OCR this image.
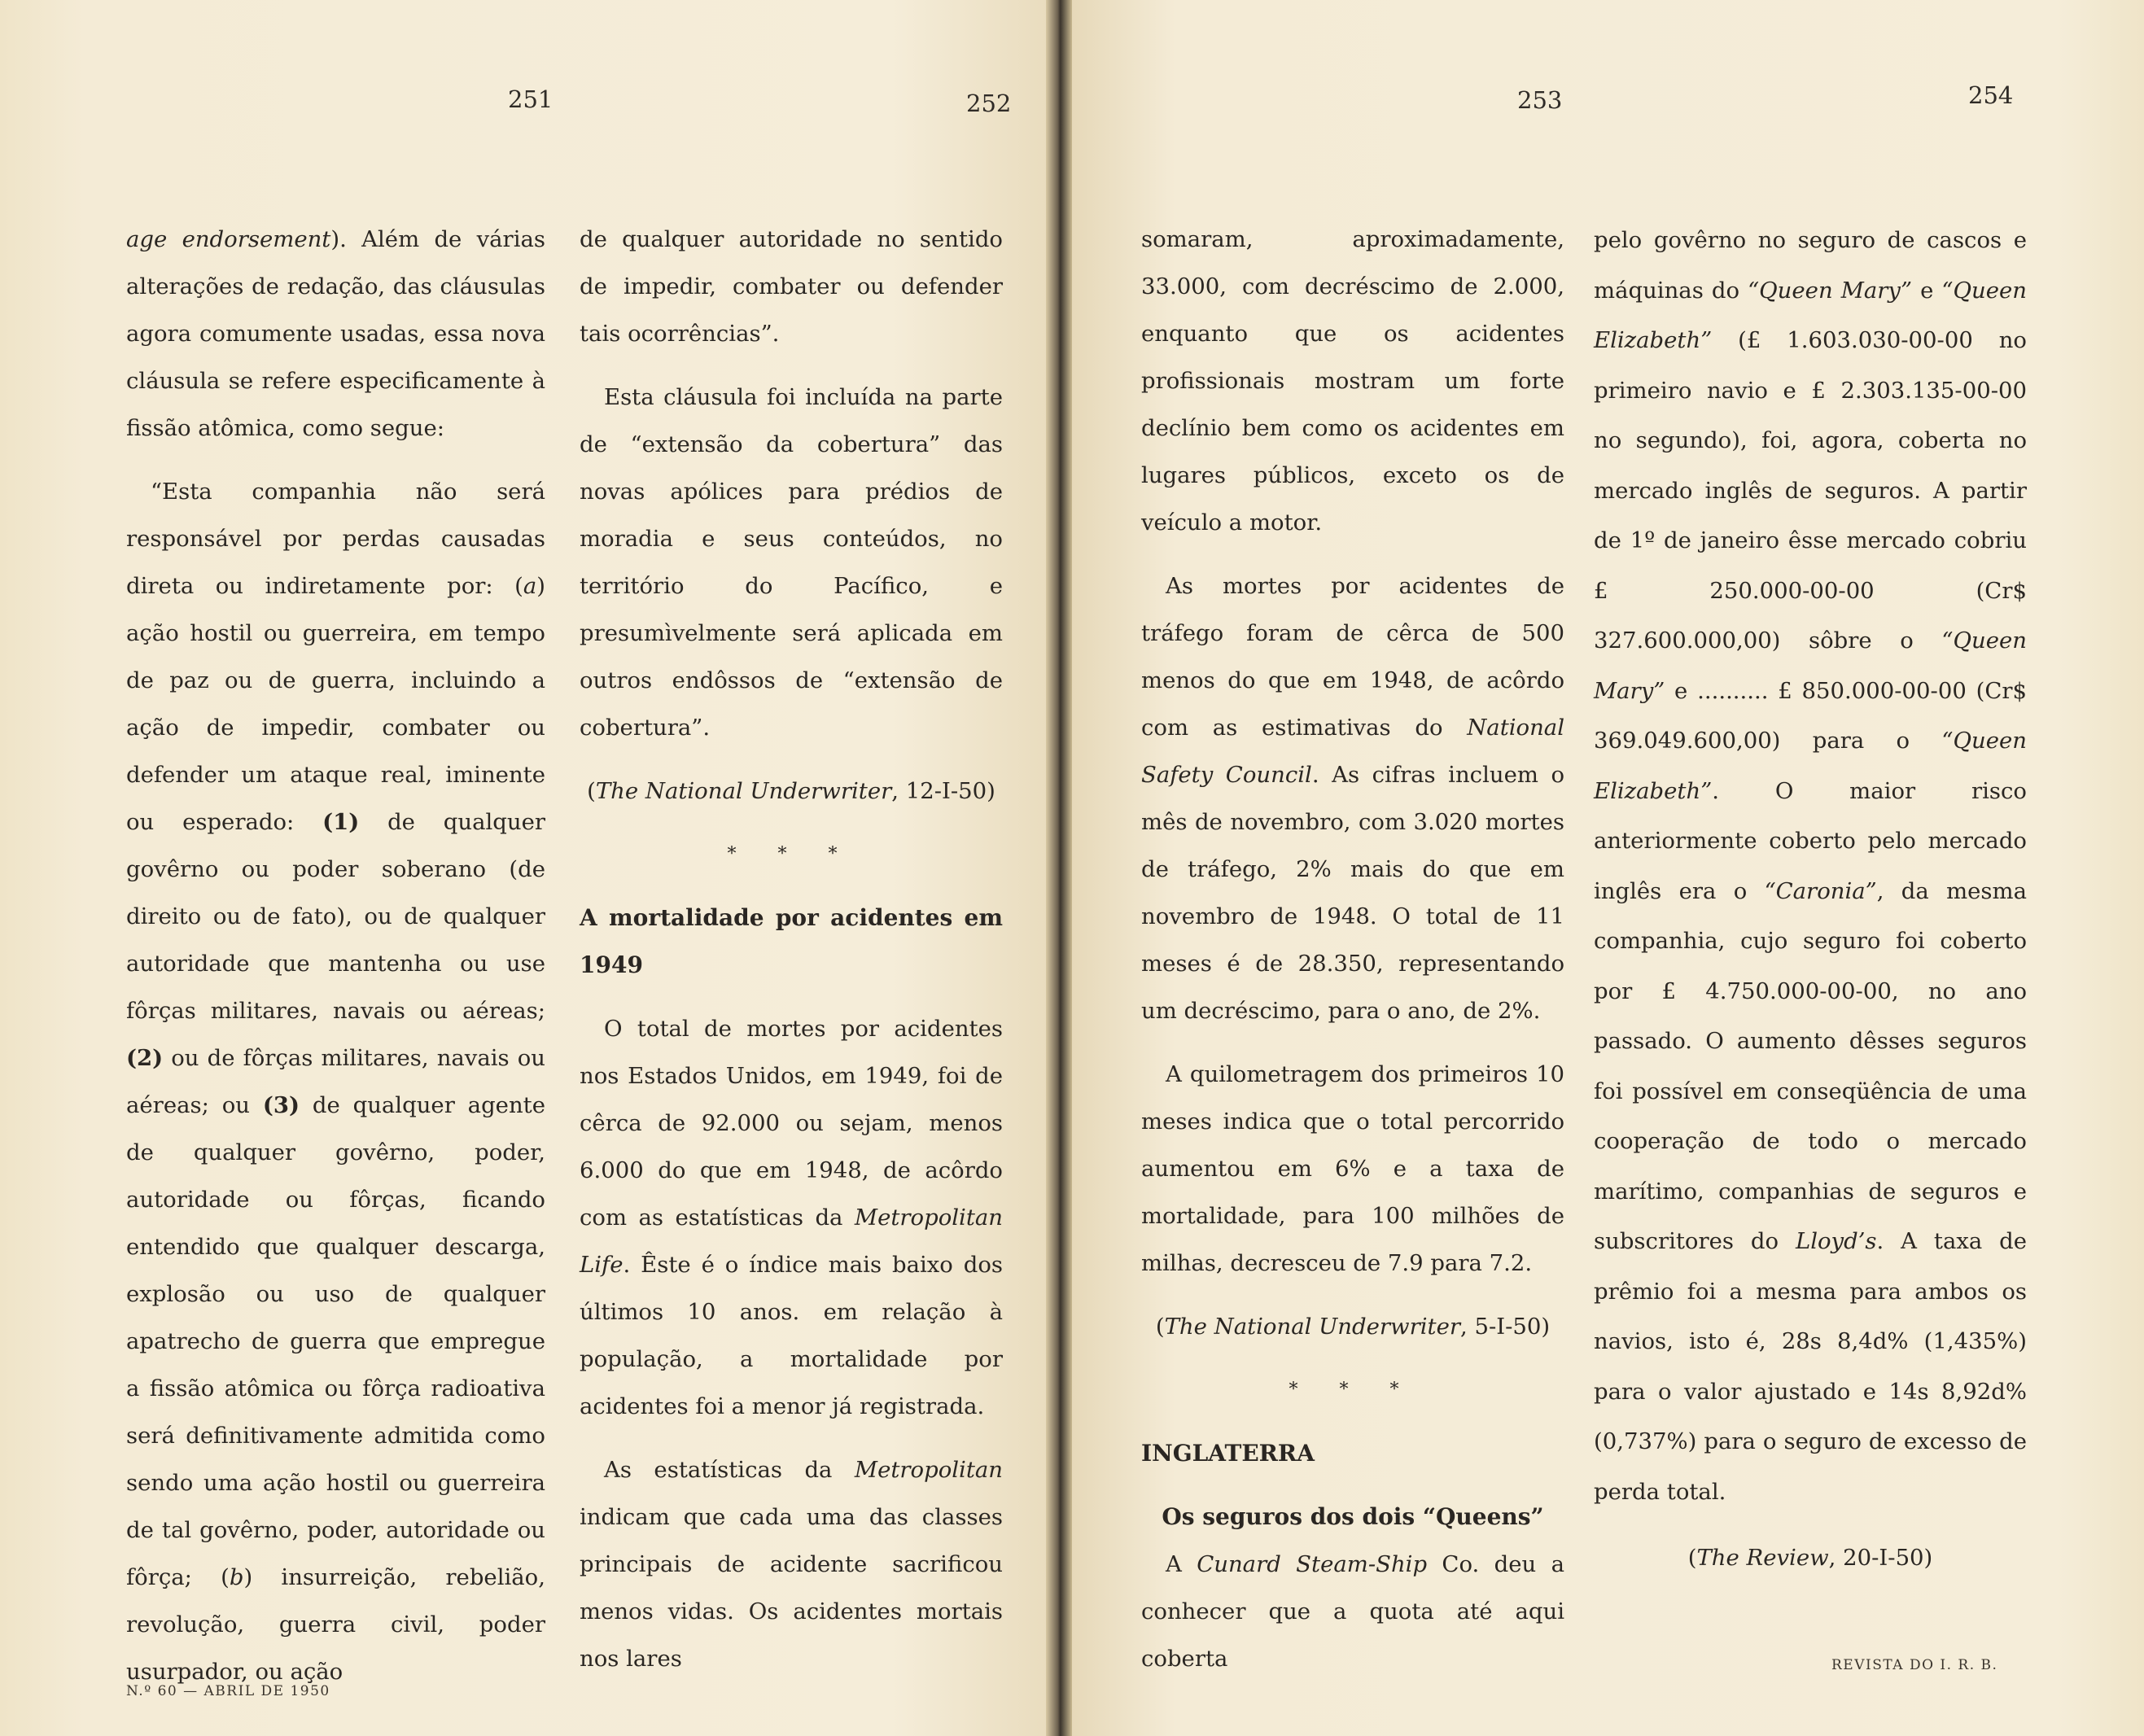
251	252	253	254

age endorsement). Além de várias alterações de redação, das cláusulas agora comumente usadas, essa nova cláusula se refere especificamente à fissão atômica, como segue:

“Esta companhia não será responsável por perdas causadas direta ou indiretamente por: (a) ação hostil ou guerreira, em tempo de paz ou de guerra, incluindo a ação de impedir, combater ou defender um ataque real, iminente ou esperado: (1) de qualquer govêrno ou poder soberano (de direito ou de fato), ou de qualquer autoridade que mantenha ou use fôrças militares, navais ou aéreas; (2) ou de fôrças militares, navais ou aéreas; ou (3) de qualquer agente de qualquer govêrno, poder, autoridade ou fôrças, ficando entendido que qualquer descarga, explosão ou uso de qualquer apatrecho de guerra que empregue a fissão atômica ou fôrça radioativa será definitivamente admitida como sendo uma ação hostil ou guerreira de tal govêrno, poder, autoridade ou fôrça; (b) insurreição, rebelião, revolução, guerra civil, poder usurpador, ou ação

de qualquer autoridade no sentido de impedir, combater ou defender tais ocorrências”.

Esta cláusula foi incluída na parte de “extensão da cobertura” das novas apólices para prédios de moradia e seus conteúdos, no território do Pacífico, e presumìvelmente será aplicada em outros endôssos de “extensão de cobertura”.

(The National Underwriter, 12-I-50)

* * *

A mortalidade por acidentes em 1949

O total de mortes por acidentes nos Estados Unidos, em 1949, foi de cêrca de 92.000 ou sejam, menos 6.000 do que em 1948, de acôrdo com as estatísticas da Metropolitan Life. Êste é o índice mais baixo dos últimos 10 anos. em relação à população, a mortalidade por acidentes foi a menor já registrada.

As estatísticas da Metropolitan indicam que cada uma das classes principais de acidente sacrificou menos vidas. Os acidentes mortais nos lares

somaram, aproximadamente, 33.000, com decréscimo de 2.000, enquanto que os acidentes profissionais mostram um forte declínio bem como os acidentes em lugares públicos, exceto os de veículo a motor.

As mortes por acidentes de tráfego foram de cêrca de 500 menos do que em 1948, de acôrdo com as estimativas do National Safety Council. As cifras incluem o mês de novembro, com 3.020 mortes de tráfego, 2% mais do que em novembro de 1948. O total de 11 meses é de 28.350, representando um decréscimo, para o ano, de 2%.

A quilometragem dos primeiros 10 meses indica que o total percorrido aumentou em 6% e a taxa de mortalidade, para 100 milhões de milhas, decresceu de 7.9 para 7.2.

(The National Underwriter, 5-I-50)

* * *

INGLATERRA

Os seguros dos dois “Queens”

A Cunard Steam-Ship Co. deu a conhecer que a quota até aqui coberta

pelo govêrno no seguro de cascos e máquinas do “Queen Mary” e “Queen Elizabeth” (£ 1.603.030-00-00 no primeiro navio e £ 2.303.135-00-00 no segundo), foi, agora, coberta no mercado inglês de seguros. A partir de 1º de janeiro êsse mercado cobriu £ 250.000-00-00 (Cr$ 327.600.000,00) sôbre o “Queen Mary” e .......... £ 850.000-00-00 (Cr$ 369.049.600,00) para o “Queen Elizabeth”. O maior risco anteriormente coberto pelo mercado inglês era o “Caronia”, da mesma companhia, cujo seguro foi coberto por £ 4.750.000-00-00, no ano passado. O aumento dêsses seguros foi possível em conseqüência de uma cooperação de todo o mercado marítimo, companhias de seguros e subscritores do Lloyd’s. A taxa de prêmio foi a mesma para ambos os navios, isto é, 28s 8,4d% (1,435%) para o valor ajustado e 14s 8,92d% (0,737%) para o seguro de excesso de perda total.

(The Review, 20-I-50)

N.º 60 — ABRIL DE 1950
REVISTA DO I. R. B.
